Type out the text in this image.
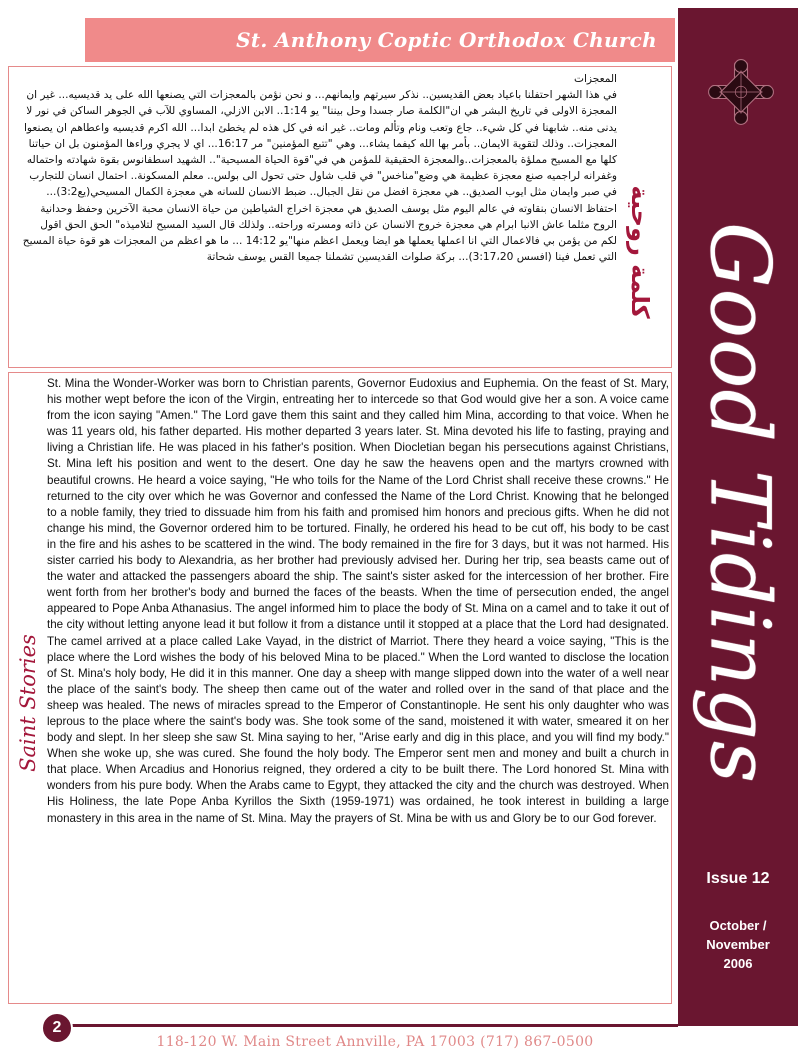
St. Anthony Coptic Orthodox Church
Good Tidings
Issue 12
October /
November
2006
المعجزات
في هذا الشهر احتفلنا باعياد بعض القديسين.. نذكر سيرتهم وايمانهم... و نحن نؤمن بالمعجزات التي يصنعها الله على يد قديسيه... غير ان المعجزة الاولى في تاريخ البشر هي ان"الكلمة صار جسدا وحل بيننا" يو 1:14.. الابن الازلي، المساوي للآب في الجوهر الساكن في نور لا يدنى منه.. شابهنا في كل شيء.. جاع وتعب ونام وتألم ومات.. غير انه في كل هذه لم يخطئ ابدا... الله اكرم قديسيه واعطاهم ان يصنعوا المعجزات.. وذلك لتقوية الايمان.. بأمر بها الله كيفما يشاء... وهي "تتبع المؤمنين" مر 16:17... اي لا يجري وراءها المؤمنون بل ان حياتنا كلها مع المسيح مملؤة بالمعجزات..والمعجزة الحقيقية للمؤمن هي في"قوة الحياة المسيحية".. الشهيد اسطفانوس بقوة شهادته واحتماله وغفرانه لراجميه صنع معجزة عظيمة هي وضع"مناخس" في قلب شاول حتى تحول الى بولس.. معلم المسكونة.. احتمال انسان للتجارب في صبر وايمان مثل ايوب الصديق.. هي معجزة افضل من نقل الجبال.. ضبط الانسان للسانه هي معجزة الكمال المسيحي(يع3:2)... احتفاظ الانسان بنقاوته في عالم اليوم مثل يوسف الصديق هي معجزة اخراج الشياطين من حياة الانسان محبة الآخرين وحفظ وحدانية الروح مثلما عاش الانبا ابرام هي معجزة خروج الانسان عن ذاته ومسرته وراحته.. ولذلك قال السيد المسيح لتلاميذه" الحق الحق اقول لكم من يؤمن بي فالاعمال التي انا اعملها يعملها هو ايضا ويعمل اعظم منها"يو 14:12 ... ما هو اعظم من المعجزات هو قوة حياة المسيح التي تعمل فينا (افسس 3:17،20)... بركة صلوات القديسين تشملنا جميعا القس يوسف شحاتة	كلمة روحية
Saint Stories

St. Mina the Wonder-Worker was born to Christian parents, Governor Eudoxius and Euphemia. On the feast of St. Mary, his mother wept before the icon of the Virgin, entreating her to intercede so that God would give her a son. A voice came from the icon saying "Amen." The Lord gave them this saint and they called him Mina, according to that voice. When he was 11 years old, his father departed. His mother departed 3 years later. St. Mina devoted his life to fasting, praying and living a Christian life. He was placed in his father's position. When Diocletian began his persecutions against Christians, St. Mina left his position and went to the desert. One day he saw the heavens open and the martyrs crowned with beautiful crowns. He heard a voice saying, "He who toils for the Name of the Lord Christ shall receive these crowns." He returned to the city over which he was Governor and confessed the Name of the Lord Christ. Knowing that he belonged to a noble family, they tried to dissuade him from his faith and promised him honors and precious gifts. When he did not change his mind, the Governor ordered him to be tortured. Finally, he ordered his head to be cut off, his body to be cast in the fire and his ashes to be scattered in the wind. The body remained in the fire for 3 days, but it was not harmed. His sister carried his body to Alexandria, as her brother had previously advised her. During her trip, sea beasts came out of the water and attacked the passengers aboard the ship. The saint's sister asked for the intercession of her brother. Fire went forth from her brother's body and burned the faces of the beasts. When the time of persecution ended, the angel appeared to Pope Anba Athanasius. The angel informed him to place the body of St. Mina on a camel and to take it out of the city without letting anyone lead it but follow it from a distance until it stopped at a place that the Lord had designated. The camel arrived at a place called Lake Vayad, in the district of Marriot. There they heard a voice saying, "This is the place where the Lord wishes the body of his beloved Mina to be placed." When the Lord wanted to disclose the location of St. Mina's holy body, He did it in this manner. One day a sheep with mange slipped down into the water of a well near the place of the saint's body. The sheep then came out of the water and rolled over in the sand of that place and the sheep was healed. The news of miracles spread to the Emperor of Constantinople. He sent his only daughter who was leprous to the place where the saint's body was. She took some of the sand, moistened it with water, smeared it on her body and slept. In her sleep she saw St. Mina saying to her, "Arise early and dig in this place, and you will find my body." When she woke up, she was cured. She found the holy body. The Emperor sent men and money and built a church in that place. When Arcadius and Honorius reigned, they ordered a city to be built there. The Lord honored St. Mina with wonders from his pure body. When the Arabs came to Egypt, they attacked the city and the church was destroyed. When His Holiness, the late Pope Anba Kyrillos the Sixth (1959-1971) was ordained, he took interest in building a large monastery in this area in the name of St. Mina. May the prayers of St. Mina be with us and Glory be to our God forever.

2
118-120 W. Main Street Annville, PA 17003 (717) 867-0500
